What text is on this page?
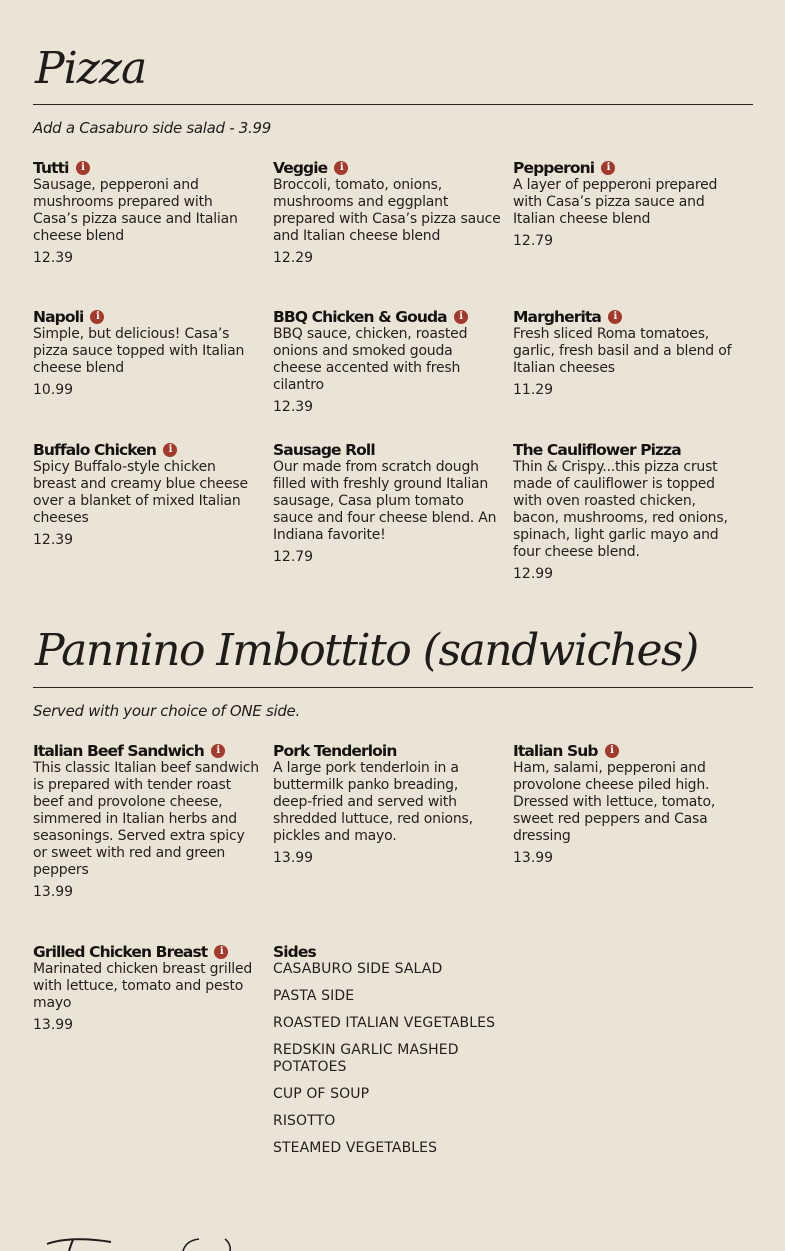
Pizza
Add a Casaburo side salad - 3.99
Tutti	i
Sausage, pepperoni and mushrooms prepared with Casa’s pizza sauce and Italian cheese blend
12.39
Veggie	i
Broccoli, tomato, onions, mushrooms and eggplant prepared with Casa’s pizza sauce and Italian cheese blend
12.29
Pepperoni	i
A layer of pepperoni prepared with Casa’s pizza sauce and Italian cheese blend
12.79
Napoli	i
Simple, but delicious! Casa’s pizza sauce topped with Italian cheese blend
10.99
BBQ Chicken & Gouda	i
BBQ sauce, chicken, roasted onions and smoked gouda cheese accented with fresh cilantro
12.39
Margherita	i
Fresh sliced Roma tomatoes, garlic, fresh basil and a blend of Italian cheeses
11.29
Buffalo Chicken	i
Spicy Buffalo-style chicken breast and creamy blue cheese over a blanket of mixed Italian cheeses
12.39
Sausage Roll
Our made from scratch dough filled with freshly ground Italian sausage, Casa plum tomato sauce and four cheese blend. An Indiana favorite!
12.79
The Cauliflower Pizza
Thin & Crispy...this pizza crust made of cauliflower is topped with oven roasted chicken, bacon, mushrooms, red onions, spinach, light garlic mayo and four cheese blend.
12.99
Pannino Imbottito (sandwiches)
Served with your choice of ONE side.
Italian Beef Sandwich	i
This classic Italian beef sandwich is prepared with tender roast beef and provolone cheese, simmered in Italian herbs and seasonings. Served extra spicy or sweet with red and green peppers
13.99
Pork Tenderloin
A large pork tenderloin in a buttermilk panko breading, deep-fried and served with shredded luttuce, red onions, pickles and mayo.
13.99
Italian Sub	i
Ham, salami, pepperoni and provolone cheese piled high. Dressed with lettuce, tomato, sweet red peppers and Casa dressing
13.99
Grilled Chicken Breast	i
Marinated chicken breast grilled with lettuce, tomato and pesto mayo
13.99
Sides
CASABURO SIDE SALAD
PASTA SIDE
ROASTED ITALIAN VEGETABLES
REDSKIN GARLIC MASHED POTATOES
CUP OF SOUP
RISOTTO
STEAMED VEGETABLES
